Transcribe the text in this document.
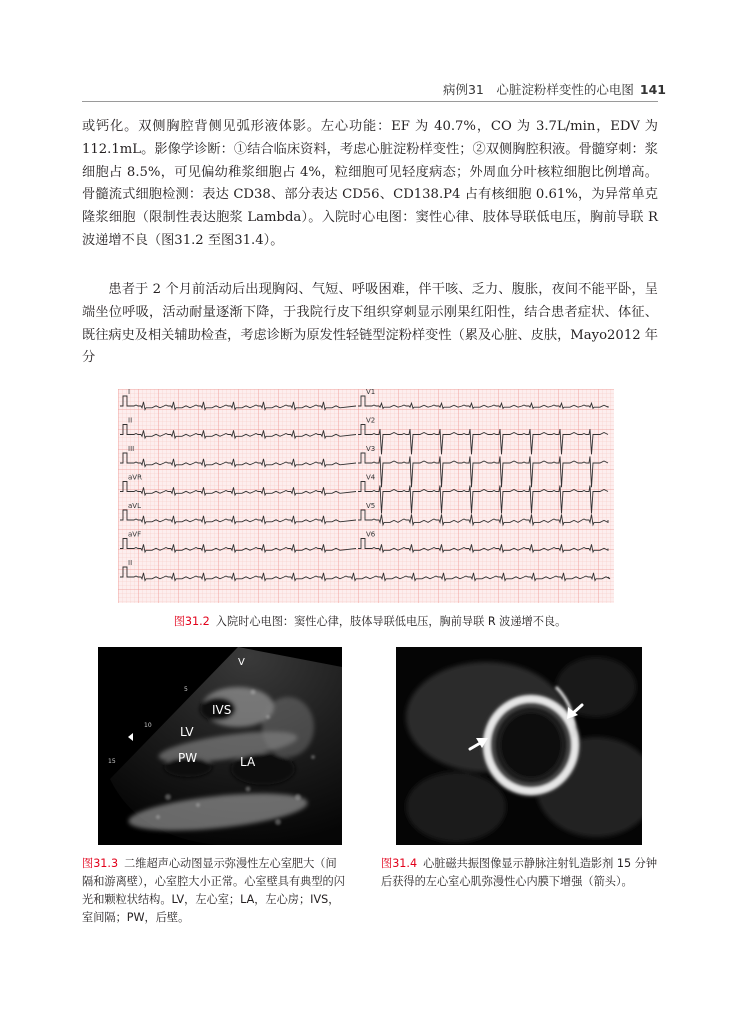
病例31　心脏淀粉样变性的心电图 141

或钙化。双侧胸腔背侧见弧形液体影。左心功能：EF 为 40.7%，CO 为 3.7L/min，EDV 为 112.1mL。影像学诊断：①结合临床资料，考虑心脏淀粉样变性；②双侧胸腔积液。骨髓穿刺：浆细胞占 8.5%，可见偏幼稚浆细胞占 4%，粒细胞可见轻度病态；外周血分叶核粒细胞比例增高。骨髓流式细胞检测：表达 CD38、部分表达 CD56、CD138.P4 占有核细胞 0.61%，为异常单克隆浆细胞（限制性表达胞浆 Lambda）。入院时心电图：窦性心律、肢体导联低电压，胸前导联 R 波递增不良（图31.2 至图31.4）。

患者于 2 个月前活动后出现胸闷、气短、呼吸困难，伴干咳、乏力、腹胀，夜间不能平卧，呈端坐位呼吸，活动耐量逐渐下降，于我院行皮下组织穿刺显示刚果红阳性，结合患者症状、体征、既往病史及相关辅助检查，考虑诊断为原发性轻链型淀粉样变性（累及心脏、皮肤，Mayo2012 年分

I
II
III
aVR
aVL
aVF
II
V1
V2
V3
V4
V5
V6

图31.2 入院时心电图：窦性心律，肢体导联低电压，胸前导联 R 波递增不良。

IVS
LV
PW	LA
V
5
10
15

图31.3 二维超声心动图显示弥漫性左心室肥大（间隔和游离壁），心室腔大小正常。心室壁具有典型的闪光和颗粒状结构。LV，左心室；LA，左心房；IVS，室间隔；PW，后壁。

图31.4 心脏磁共振图像显示静脉注射钆造影剂 15 分钟后获得的左心室心肌弥漫性心内膜下增强（箭头）。
